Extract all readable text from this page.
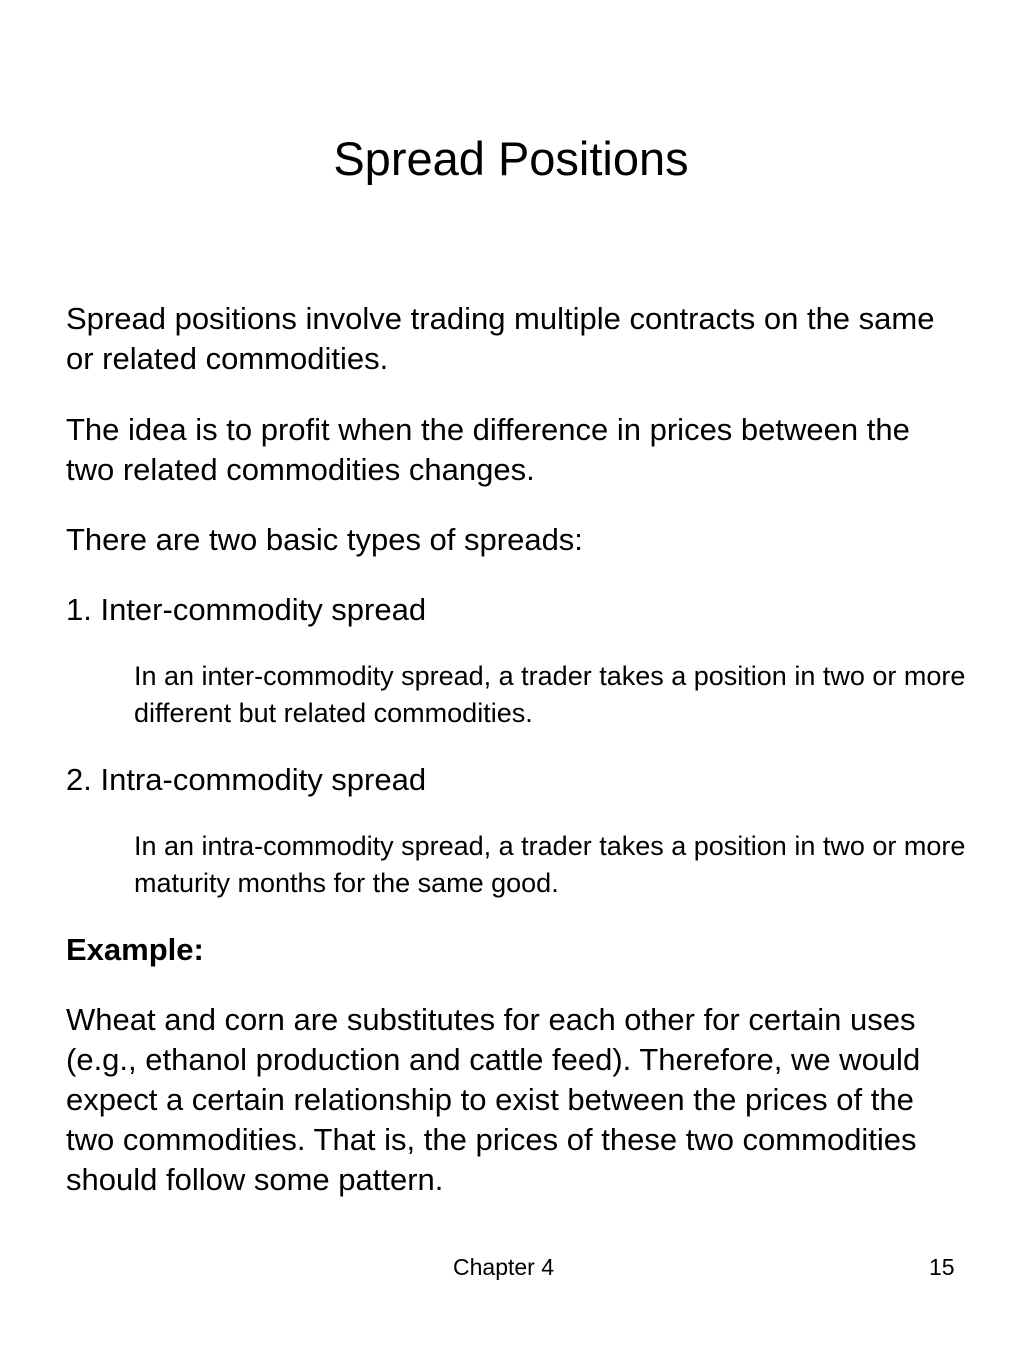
Spread Positions

Spread positions involve trading multiple contracts on the same or related commodities.

The idea is to profit when the difference in prices between the two related commodities changes.

There are two basic types of spreads:

1. Inter-commodity spread

In an inter-commodity spread, a trader takes a position in two or more different but related commodities.

2. Intra-commodity spread

In an intra-commodity spread, a trader takes a position in two or more maturity months for the same good.

Example:

Wheat and corn are substitutes for each other for certain uses (e.g., ethanol production and cattle feed). Therefore, we would expect a certain relationship to exist between the prices of the two commodities. That is, the prices of these two commodities should follow some pattern.

Chapter 4	15
